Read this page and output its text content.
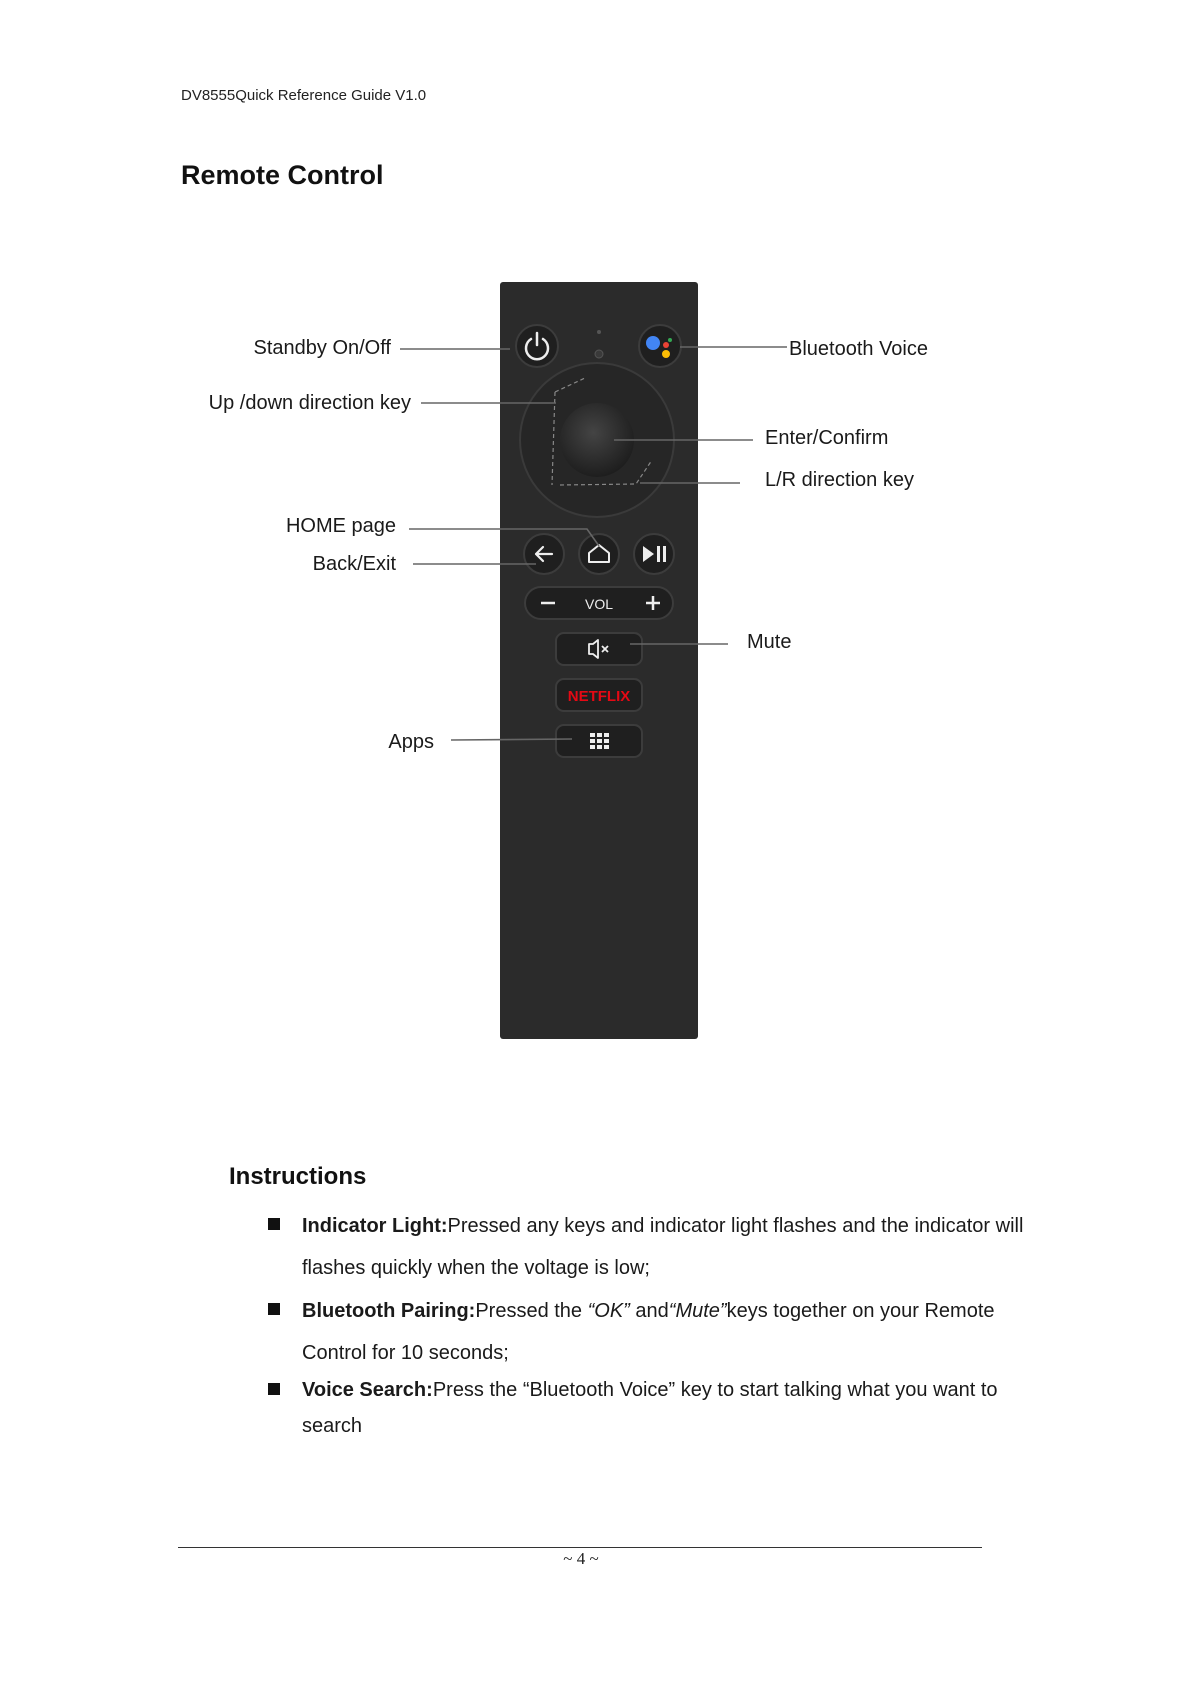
DV8555Quick Reference Guide V1.0
Remote Control
VOL
NETFLIX
Standby On/Off	Bluetooth Voice
Up /down direction key
Enter/Confirm
L/R direction key
HOME page
Back/Exit
Mute
Apps
Instructions
Indicator Light:Pressed any keys and indicator light flashes and the indicator will flashes quickly when the voltage is low;
Bluetooth Pairing:Pressed the “OK” and“Mute”keys together on your Remote Control for 10 seconds;
Voice Search:Press the “Bluetooth Voice” key to start talking what you want to search
~ 4 ~
